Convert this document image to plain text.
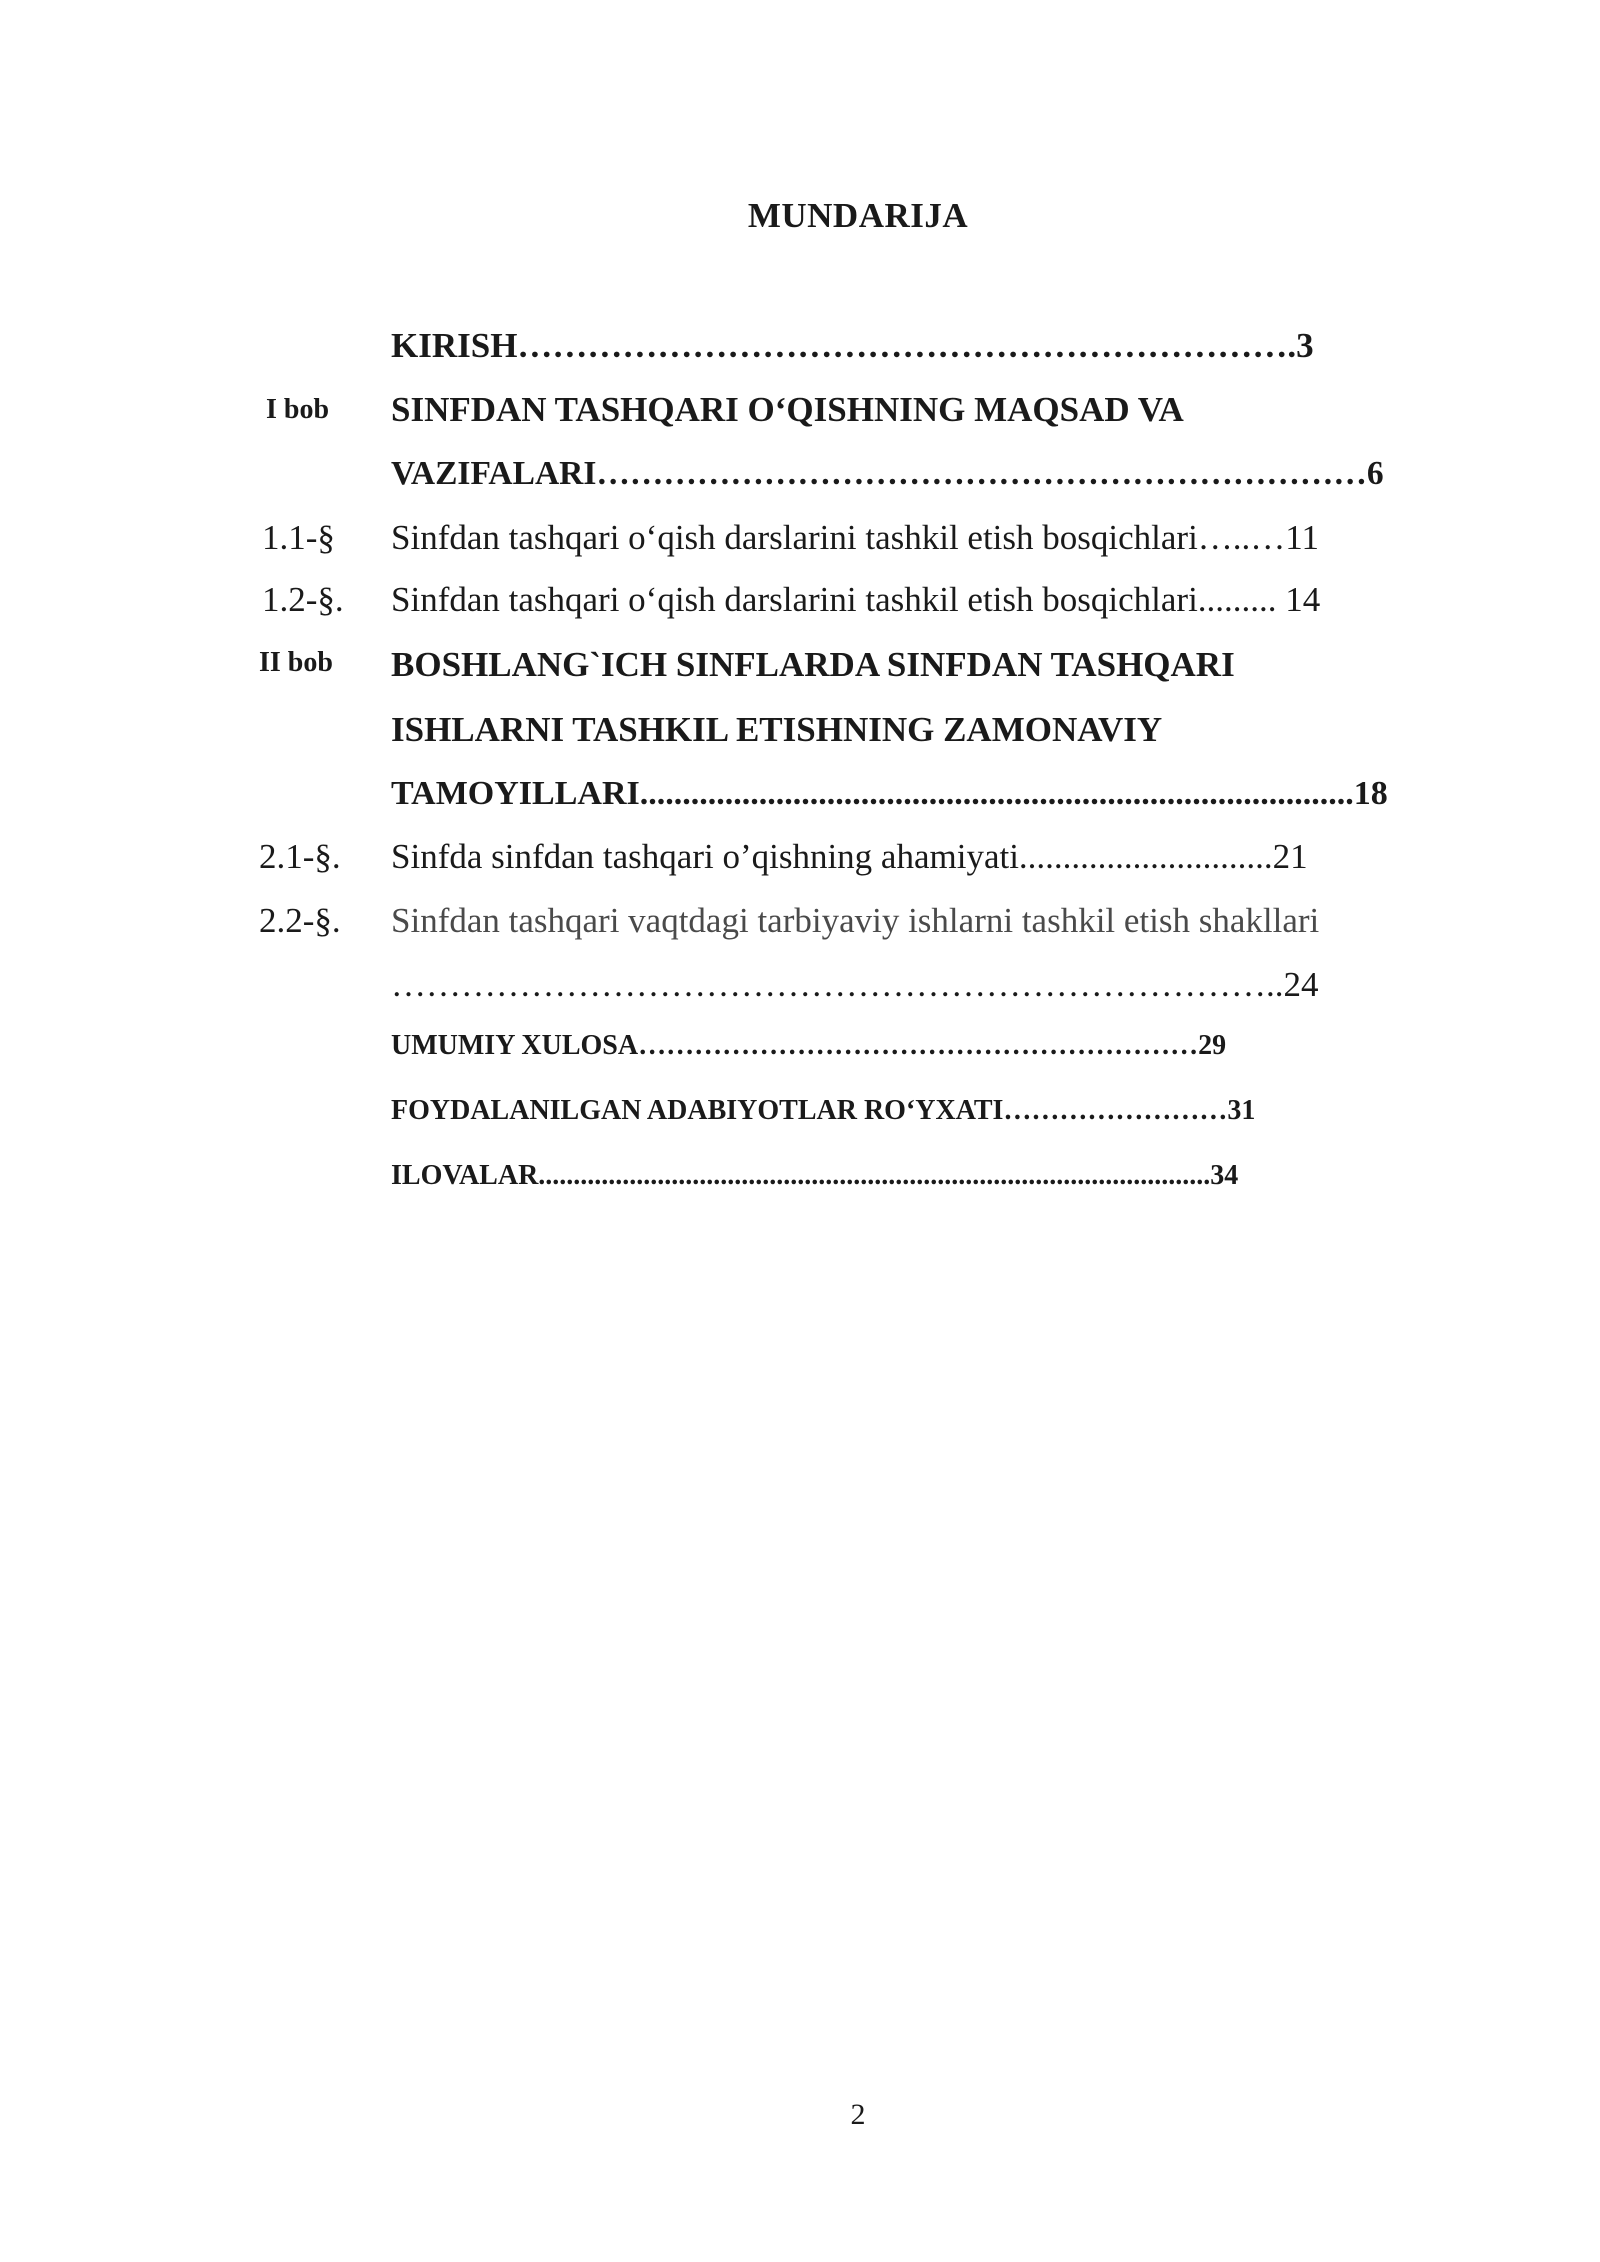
MUNDARIJA
KIRISH………………………………………………………….3
I bob SINFDAN TASHQARI O‘QISHNING MAQSAD VA
VAZIFALARI……………………………………………………………6
1.1-§ Sinfdan tashqari o‘qish darslarini tashkil etish bosqichlari…..…11
1.2-§. Sinfdan tashqari o‘qish darslarini tashkil etish bosqichlari......... 14
II bob BOSHLANG`ICH SINFLARDA SINFDAN TASHQARI
ISHLARNI TASHKIL ETISHNING ZAMONAVIY
TAMOYILLARI....................................................................................18
2.1-§. Sinfda sinfdan tashqari o’qishning ahamiyati.............................21
2.2-§. Sinfdan tashqari vaqtdagi tarbiyaviy ishlarni tashkil etish shakllari
…………………………………………………………………..24
UMUMIY XULOSA……………………………………………………29
FOYDALANILGAN ADABIYOTLAR RO‘YXATI……………………31
ILOVALAR................................................................................................34
2
